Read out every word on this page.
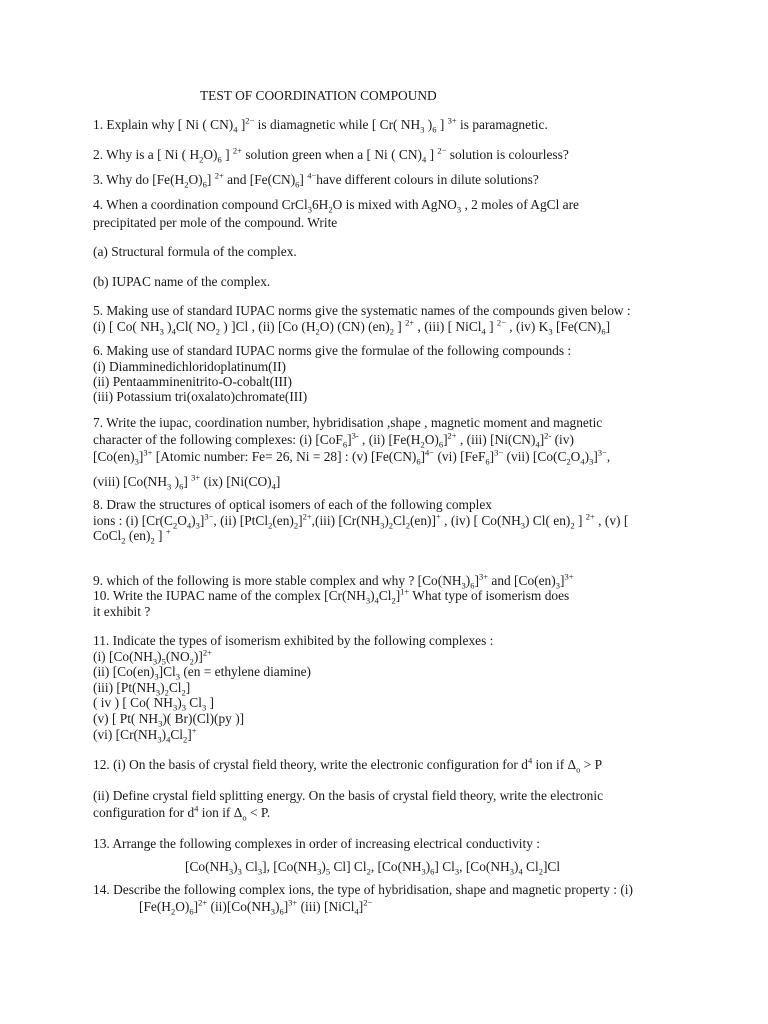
TEST OF COORDINATION COMPOUND
1. Explain why [ Ni ( $CN)_4$ ]$^{2-}$ is diamagnetic while [ Cr( $NH_3$ )$_6$ ] $^{3+}$ is paramagnetic.
2. Why is a [ Ni ( $H_2O)_6$ ] $^{2+}$ solution green when a [ Ni ( $CN)_4$ ] $^{2-}$ solution is colourless?
3. Why do $[Fe(H_2O)_6]$ $^{2+}$ and $[Fe(CN)_6]$ $^{4-}$have different colours in dilute solutions?
4. When a coordination compound $CrCl_36H_2O$ is mixed with AgNO$_3$ , 2 moles of AgCl are
precipitated per mole of the compound. Write
(a) Structural formula of the complex.
(b) IUPAC name of the complex.
5. Making use of standard IUPAC norms give the systematic names of the compounds given below :
(i) [ Co( $NH_3$ )$_4Cl$( $NO_2$ ) ]Cl , (ii) [Co $(H_2O)$ (CN) $(en)_2$ ] $^{2+}$ , (iii) [ NiCl$_4$ ] $^{2-}$ , (iv) $K_3$ $[Fe(CN)_6]$
6. Making use of standard IUPAC norms give the formulae of the following compounds :
(i) Diamminedichloridoplatinum(II)
(ii) Pentaamminenitrito-O-cobalt(III)
(iii) Potassium tri(oxalato)chromate(III)
7. Write the iupac, coordination number, hybridisation ,shape , magnetic moment and magnetic
character of the following complexes: (i) $[CoF_6]^{3-}$ , (ii) $[Fe(H_2O)_6]^{2+}$ , (iii) $[Ni(CN)_4]^{2-}$ (iv)
$[Co(en)_3]^{3+}$ [Atomic number: Fe= 26, Ni = 28] : (v) $[Fe(CN)_6]^{4-}$ (vi) $[FeF_6]^{3-}$ (vii) $[Co(C_2O_4)_3]^{3-}$,
(viii) [$Co(NH_3$ )$_6$] $^{3+}$ (ix) $[Ni(CO)_4]$
8. Draw the structures of optical isomers of each of the following complex
ions : (i) $[Cr(C_2O_4)_3]^{3-}$, (ii) $[PtCl_2(en)_2]^{2+},(iii)$ $[Cr(NH_3)_2Cl_2(en)]^+$ , (iv) [ $Co(NH_3)$ Cl( $en)_2$ ] $^{2+}$ , (v) [
CoCl$_2$ $(en)_2$ ] +
9. which of the following is more stable complex and why ? $[Co(NH_3)_6]^{3+}$ and $[Co(en)_3]^{3+}$
10. Write the IUPAC name of the complex $[Cr(NH_3)_4Cl_2]^{1+}$ What type of isomerism does
it exhibit ?
11. Indicate the types of isomerism exhibited by the following complexes :
(i) $[Co(NH_3)_5(NO_2)]^{2+}$
(ii) $[Co(en)_3]Cl_3$ (en = ethylene diamine)
(iii) $[Pt(NH_3)_2Cl_2]$
( iv ) [ Co( $NH_3)_3$ $Cl_3$ ]
(v) [ Pt( $NH_3$)( Br)(Cl)(py )]
(vi) $[Cr(NH_3)_4Cl_2]^+$
12. (i) On the basis of crystal field theory, write the electronic configuration for $d^4$ ion if $\Delta_o > P$
(ii) Define crystal field splitting energy. On the basis of crystal field theory, write the electronic
configuration for $d^4$ ion if $\Delta_o < P$.
13. Arrange the following complexes in order of increasing electrical conductivity :
[$Co(NH_3)_3$ $Cl_3$], [$Co(NH_3)_5$ Cl] $Cl_2$, $[Co(NH_3)_6]$ $Cl_3$, [$Co(NH_3)_4$ $Cl_2]Cl$
14. Describe the following complex ions, the type of hybridisation, shape and magnetic property : (i)
$[Fe(H_2O)_6]^{2+}$ $(ii)[Co(NH_3)_6]^{3+}$ (iii) [NiCl$_4$]$^{2-}$
